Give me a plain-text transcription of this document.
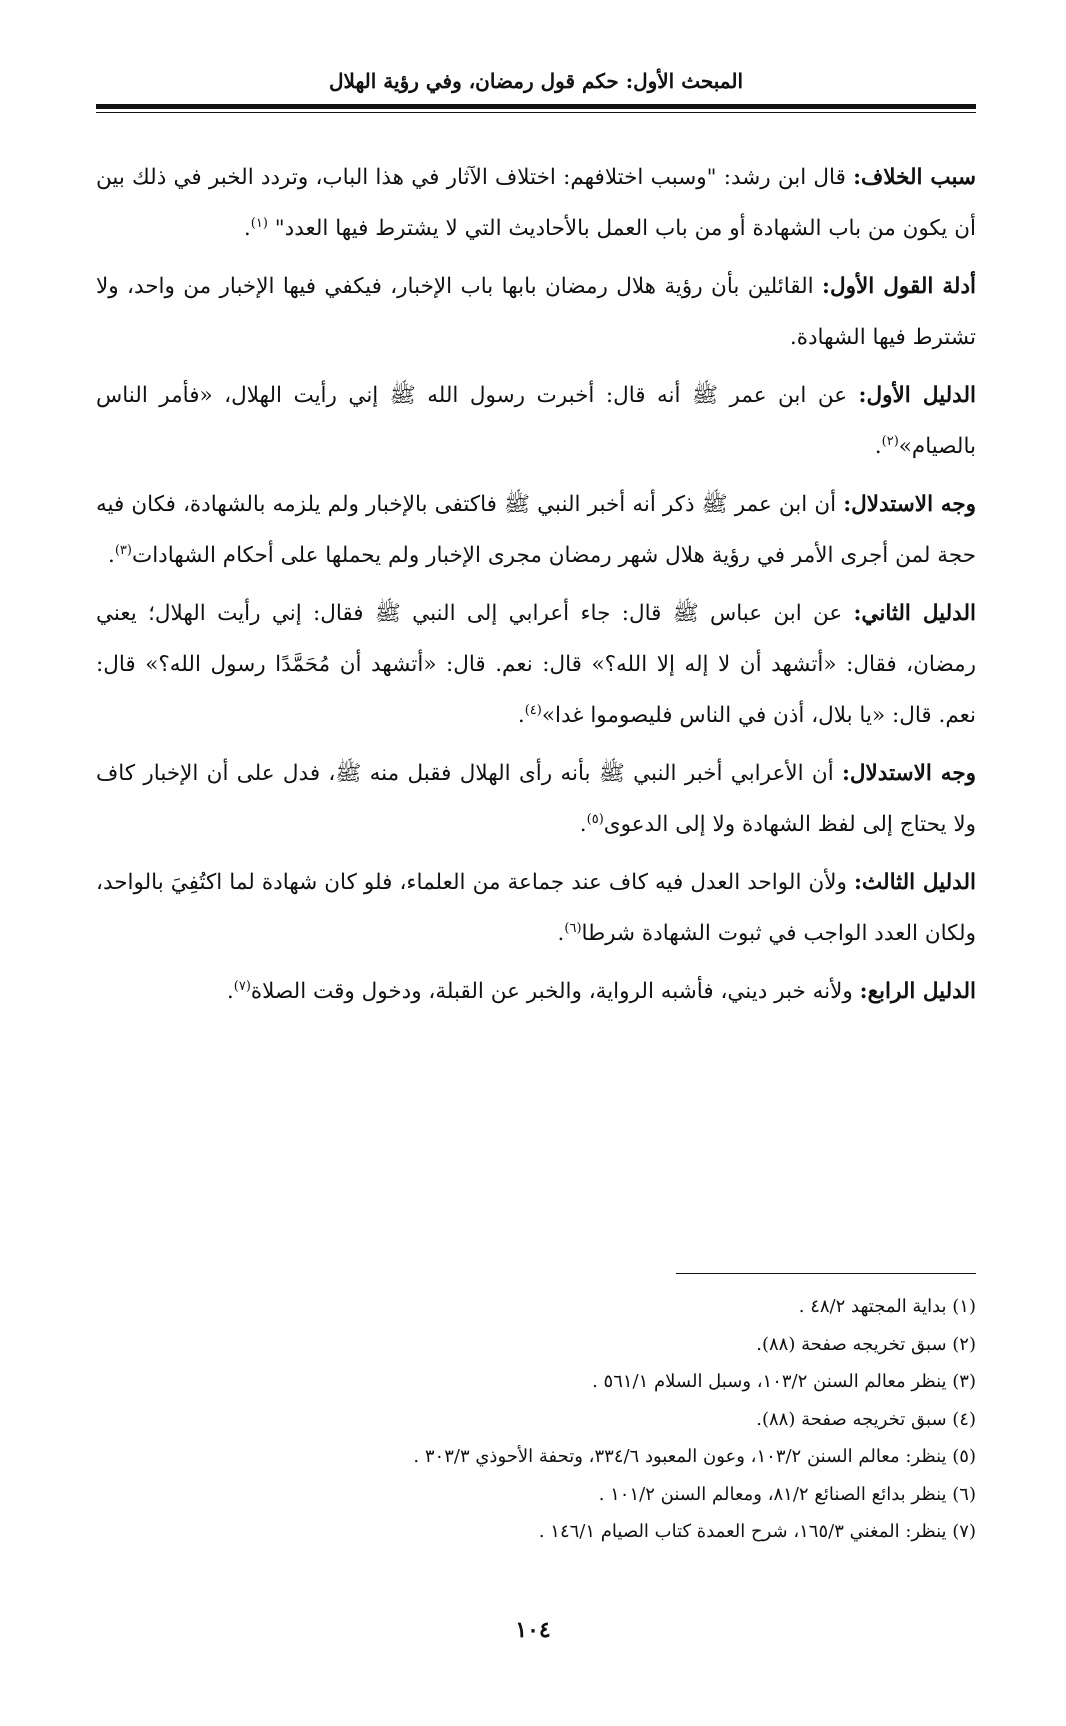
المبحث الأول: حكم قول رمضان، وفي رؤية الهلال

سبب الخلاف: قال ابن رشد: "وسبب اختلافهم: اختلاف الآثار في هذا الباب، وتردد الخبر في ذلك بين أن يكون من باب الشهادة أو من باب العمل بالأحاديث التي لا يشترط فيها العدد" $^{(١)}$.

أدلة القول الأول: القائلين بأن رؤية هلال رمضان بابها باب الإخبار، فيكفي فيها الإخبار من واحد، ولا تشترط فيها الشهادة.

الدليل الأول: عن ابن عمر ﷺ أنه قال: أخبرت رسول الله ﷺ إني رأيت الهلال، «فأمر الناس بالصيام»$^{(٢)}$.

وجه الاستدلال: أن ابن عمر ﷺ ذكر أنه أخبر النبي ﷺ فاكتفى بالإخبار ولم يلزمه بالشهادة، فكان فيه حجة لمن أجرى الأمر في رؤية هلال شهر رمضان مجرى الإخبار ولم يحملها على أحكام الشهادات$^{(٣)}$.

الدليل الثاني: عن ابن عباس ﷺ قال: جاء أعرابي إلى النبي ﷺ فقال: إني رأيت الهلال؛ يعني رمضان، فقال: «أتشهد أن لا إله إلا الله؟» قال: نعم. قال: «أتشهد أن مُحَمَّدًا رسول الله؟» قال: نعم. قال: «يا بلال، أذن في الناس فليصوموا غدا»$^{(٤)}$.

وجه الاستدلال: أن الأعرابي أخبر النبي ﷺ بأنه رأى الهلال فقبل منه ﷺ، فدل على أن الإخبار كاف ولا يحتاج إلى لفظ الشهادة ولا إلى الدعوى$^{(٥)}$.

الدليل الثالث: ولأن الواحد العدل فيه كاف عند جماعة من العلماء، فلو كان شهادة لما اكتُفِيَ بالواحد، ولكان العدد الواجب في ثبوت الشهادة شرطا$^{(٦)}$.

الدليل الرابع: ولأنه خبر ديني، فأشبه الرواية، والخبر عن القبلة، ودخول وقت الصلاة$^{(٧)}$.

(١) بداية المجتهد ٤٨/٢ .
(٢) سبق تخريجه صفحة (٨٨).
(٣) ينظر معالم السنن ١٠٣/٢، وسبل السلام ٥٦١/١ .
(٤) سبق تخريجه صفحة (٨٨).
(٥) ينظر: معالم السنن ١٠٣/٢، وعون المعبود ٣٣٤/٦، وتحفة الأحوذي ٣٠٣/٣ .
(٦) ينظر بدائع الصنائع ٨١/٢، ومعالم السنن ١٠١/٢ .
(٧) ينظر: المغني ١٦٥/٣، شرح العمدة كتاب الصيام ١٤٦/١ .
١٠٤
